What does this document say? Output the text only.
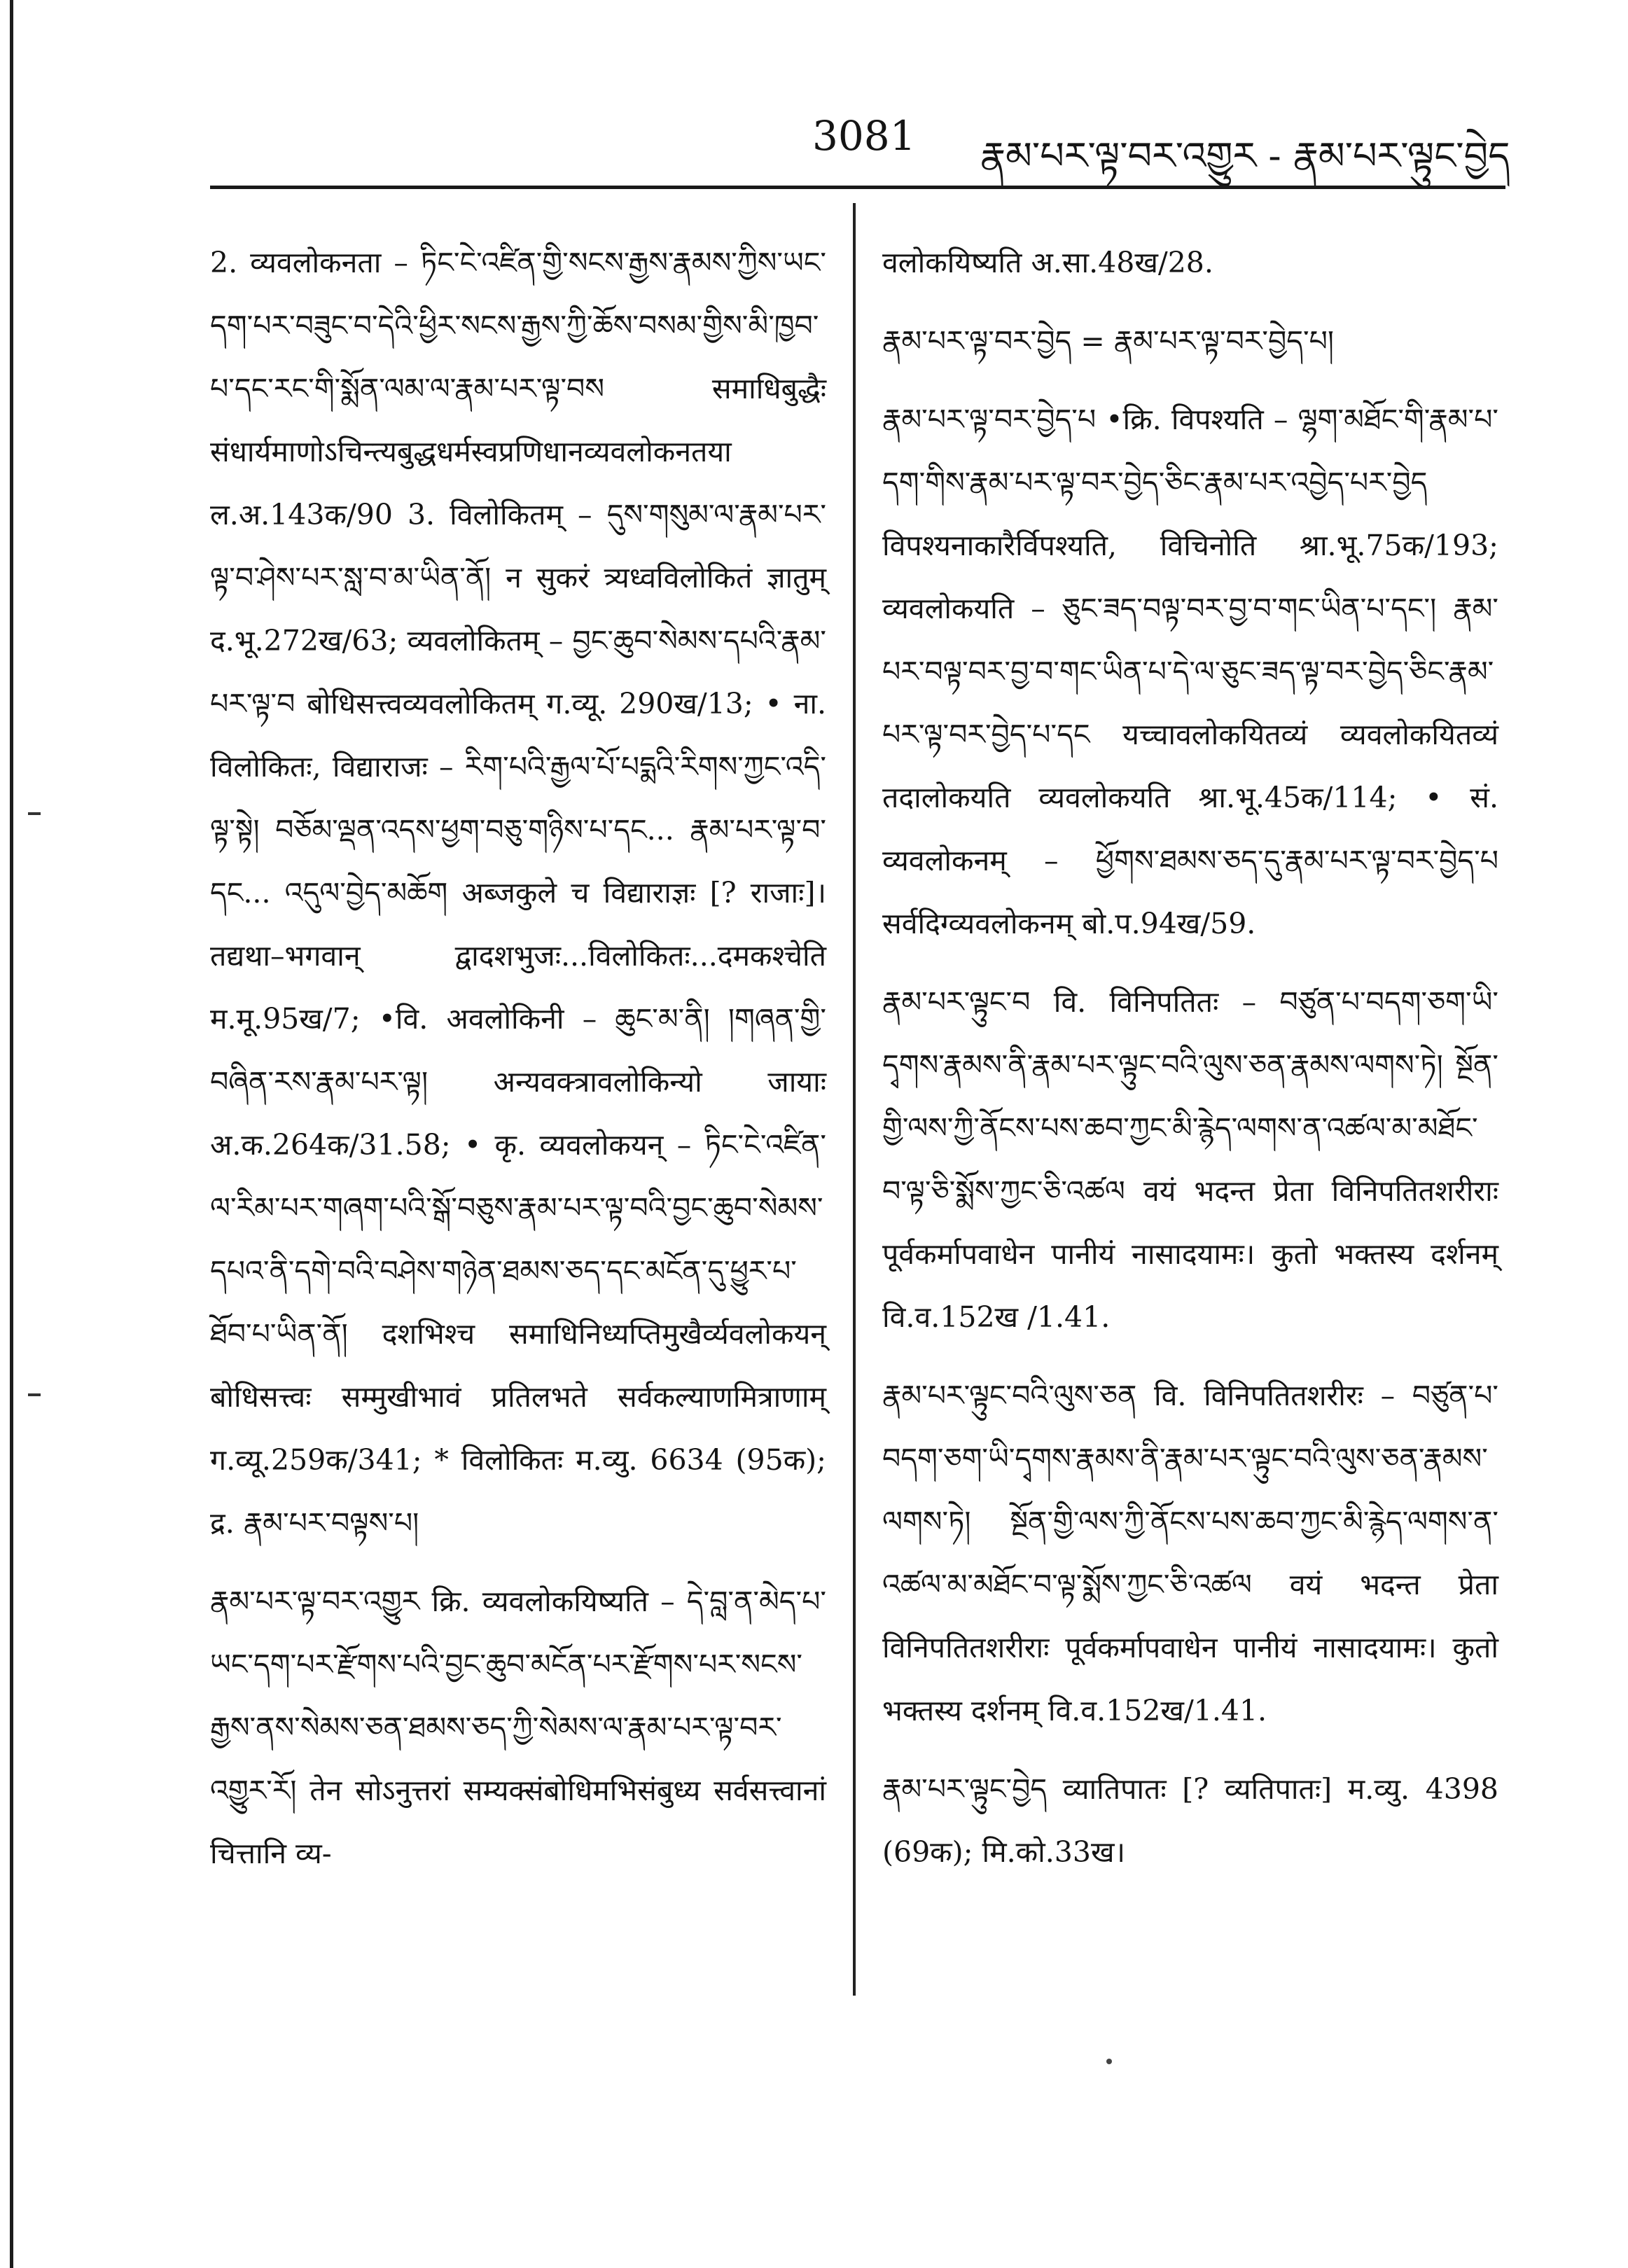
3081 རྣམ་པར་ལྟ་བར་འགྱུར - རྣམ་པར་ལྟུང་བྱེད

2. व्यवलोकनता – ཏིང་ངེ་འཛིན་གྱི་སངས་རྒྱས་རྣམས་ཀྱིས་ཡང་དག་པར་བཟུང་བ་དེའི་ཕྱིར་སངས་རྒྱས་ཀྱི་ཆོས་བསམ་གྱིས་མི་ཁྱབ་པ་དང་རང་གི་སྨོན་ལམ་ལ་རྣམ་པར་ལྟ་བས समाधिबुद्धैः संधार्यमाणोऽचिन्त्यबुद्धधर्मस्वप्रणिधानव्यवलोकनतया ल.अ.143क/90 3. विलोकितम् – དུས་གསུམ་ལ་རྣམ་པར་ལྟ་བ་ཤེས་པར་སླ་བ་མ་ཡིན་ནོ། न सुकरं त्र्यध्वविलोकितं ज्ञातुम् द.भू.272ख/63; व्यवलोकितम् – བྱང་ཆུབ་སེམས་དཔའི་རྣམ་པར་ལྟ་བ बोधिसत्त्वव्यवलोकितम् ग.व्यू. 290ख/13; • ना. विलोकितः, विद्याराजः – རིག་པའི་རྒྱལ་པོ་པདྨའི་རིགས་ཀྱང་འདི་ལྟ་སྟེ། བཅོམ་ལྡན་འདས་ཕྱག་བཅུ་གཉིས་པ་དང... རྣམ་པར་ལྟ་བ་དང... འདུལ་བྱེད་མཆོག अब्जकुले च विद्याराज्ञः [? राजाः]। तद्यथा–भगवान् द्वादशभुजः...विलोकितः...दमकश्चेति म.मू.95ख/7; •वि. अवलोकिनी – ཆུང་མ་ནི། །གཞན་གྱི་བཞིན་རས་རྣམ་པར་ལྟ། अन्यवक्त्रावलोकिन्यो जायाः अ.क.264क/31.58; • कृ. व्यवलोकयन् – ཏིང་ངེ་འཛིན་ལ་རིམ་པར་གཞག་པའི་སྒོ་བཅུས་རྣམ་པར་ལྟ་བའི་བྱང་ཆུབ་སེམས་དཔའ་ནི་དགེ་བའི་བཤེས་གཉེན་ཐམས་ཅད་དང་མངོན་དུ་ཕྱུར་པ་ཐོབ་པ་ཡིན་ནོ། दशभिश्च समाधिनिध्यप्तिमुखैर्व्यवलोकयन् बोधिसत्त्वः सम्मुखीभावं प्रतिलभते सर्वकल्याणमित्राणाम् ग.व्यू.259क/341; * विलोकितः म.व्यु. 6634 (95क); द्र. རྣམ་པར་བལྟས་པ།

རྣམ་པར་ལྟ་བར་འགྱུར क्रि. व्यवलोकयिष्यति – དེ་བླ་ན་མེད་པ་ཡང་དག་པར་རྫོགས་པའི་བྱང་ཆུབ་མངོན་པར་རྫོགས་པར་སངས་རྒྱས་ནས་སེམས་ཅན་ཐམས་ཅད་ཀྱི་སེམས་ལ་རྣམ་པར་ལྟ་བར་འགྱུར་རོ། तेन सोऽनुत्तरां सम्यक्संबोधिमभिसंबुध्य सर्वसत्त्वानां चित्तानि व्य-

वलोकयिष्यति अ.सा.48ख/28.

རྣམ་པར་ལྟ་བར་བྱེད = རྣམ་པར་ལྟ་བར་བྱེད་པ།

རྣམ་པར་ལྟ་བར་བྱེད་པ •क्रि. विपश्यति – ལྷག་མཐོང་གི་རྣམ་པ་དག་གིས་རྣམ་པར་ལྟ་བར་བྱེད་ཅིང་རྣམ་པར་འབྱེད་པར་བྱེད विपश्यनाकारैर्विपश्यति, विचिनोति श्रा.भू.75क/193; व्यवलोकयति – ཅུང་ཟད་བལྟ་བར་བྱ་བ་གང་ཡིན་པ་དང་། རྣམ་པར་བལྟ་བར་བྱ་བ་གང་ཡིན་པ་དེ་ལ་ཅུང་ཟད་ལྟ་བར་བྱེད་ཅིང་རྣམ་པར་ལྟ་བར་བྱེད་པ་དང यच्चावलोकयितव्यं व्यवलोकयितव्यं तदालोकयति व्यवलोकयति श्रा.भू.45क/114; • सं. व्यवलोकनम् – ཕྱོགས་ཐམས་ཅད་དུ་རྣམ་པར་ལྟ་བར་བྱེད་པ सर्वदिग्व्यवलोकनम् बो.प.94ख/59.

རྣམ་པར་ལྟུང་བ वि. विनिपतितः – བཙུན་པ་བདག་ཅག་ཡི་དྭགས་རྣམས་ནི་རྣམ་པར་ལྟུང་བའི་ལུས་ཅན་རྣམས་ལགས་ཏེ། སྔོན་གྱི་ལས་ཀྱི་ནོངས་པས་ཆབ་ཀྱང་མི་རྙེད་ལགས་ན་འཚལ་མ་མཐོང་བ་ལྟ་ཅི་སྨོས་ཀྱང་ཅི་འཚལ वयं भदन्त प्रेता विनिपतितशरीराः पूर्वकर्मापवाधेन पानीयं नासादयामः। कुतो भक्तस्य दर्शनम् वि.व.152ख /1.41.

རྣམ་པར་ལྟུང་བའི་ལུས་ཅན वि. विनिपतितशरीरः – བཙུན་པ་བདག་ཅག་ཡི་དྭགས་རྣམས་ནི་རྣམ་པར་ལྟུང་བའི་ལུས་ཅན་རྣམས་ལགས་ཏེ། སྔོན་གྱི་ལས་ཀྱི་ནོངས་པས་ཆབ་ཀྱང་མི་རྙེད་ལགས་ན་འཚལ་མ་མཐོང་བ་ལྟ་སྨོས་ཀྱང་ཅི་འཚལ वयं भदन्त प्रेता विनिपतितशरीराः पूर्वकर्मापवाधेन पानीयं नासादयामः। कुतो भक्तस्य दर्शनम् वि.व.152ख/1.41.

རྣམ་པར་ལྟུང་བྱེད व्यातिपातः [? व्यतिपातः] म.व्यु. 4398 (69क); मि.को.33ख।
